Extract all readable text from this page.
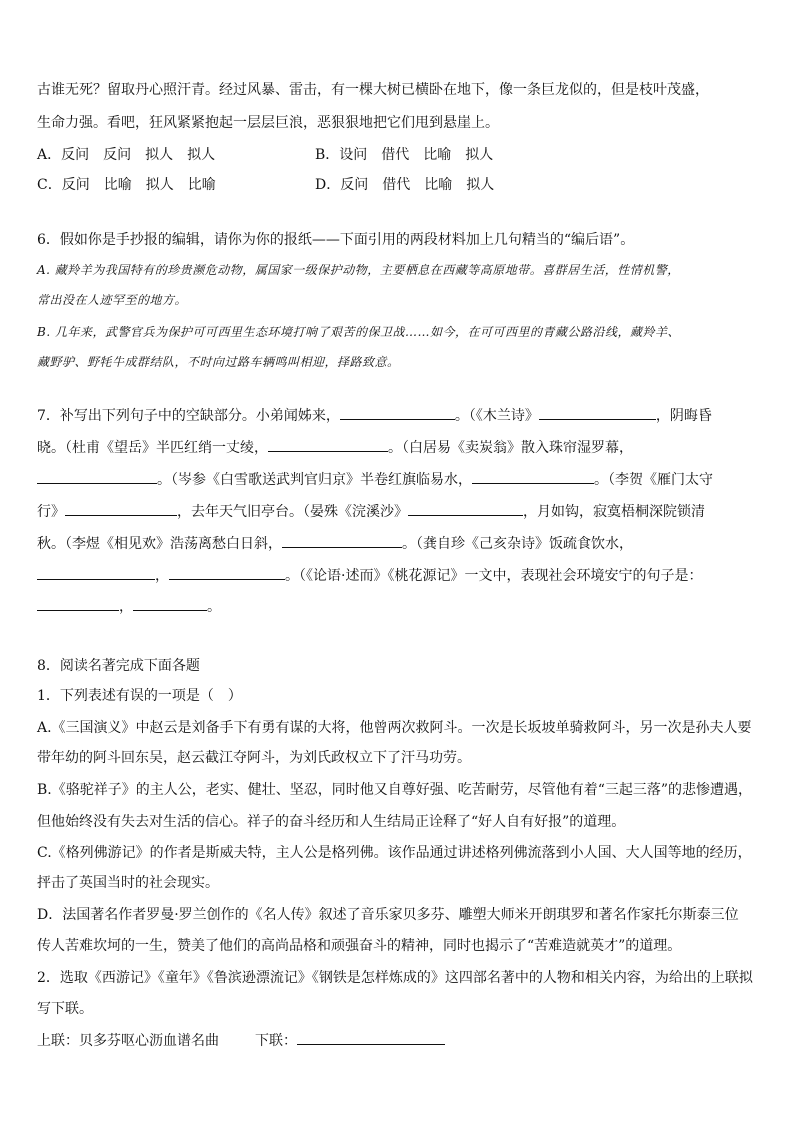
古谁无死？留取丹心照汗青。经过风暴、雷击，有一棵大树已横卧在地下，像一条巨龙似的，但是枝叶茂盛，
生命力强。看吧，狂风紧紧抱起一层层巨浪，恶狠狠地把它们甩到悬崖上。
A．反问　反问　拟人　拟人	B．设问　借代　比喻　拟人
C．反问　比喻　拟人　比喻	D．反问　借代　比喻　拟人
6．假如你是手抄报的编辑，请你为你的报纸——下面引用的两段材料加上几句精当的“编后语”。
A. 藏羚羊为我国特有的珍贵濒危动物，属国家一级保护动物，主要栖息在西藏等高原地带。喜群居生活，性情机警，
常出没在人迹罕至的地方。
B. 几年来，武警官兵为保护可可西里生态环境打响了艰苦的保卫战……如今，在可可西里的青藏公路沿线，藏羚羊、
藏野驴、野牦牛成群结队，不时向过路车辆鸣叫相迎，择路致意。
7．补写出下列句子中的空缺部分。小弟闻姊来，	。（《木兰诗》	，阴晦昏
晓。（杜甫《望岳》半匹红绡一丈绫，	。（白居易《卖炭翁》散入珠帘湿罗幕，
。（岑参《白雪歌送武判官归京》半卷红旗临易水，	。（李贺《雁门太守
行》	，去年天气旧亭台。（晏殊《浣溪沙》	，月如钩，寂寞梧桐深院锁清
秋。（李煜《相见欢》浩荡离愁白日斜，	。（龚自珍《己亥杂诗》饭疏食饮水，
，	。（《论语·述而》《桃花源记》一文中，表现社会环境安宁的句子是：
，	。
8．阅读名著完成下面各题
1．下列表述有误的一项是（　）
A.《三国演义》中赵云是刘备手下有勇有谋的大将，他曾两次救阿斗。一次是长坂坡单骑救阿斗，另一次是孙夫人要
带年幼的阿斗回东吴，赵云截江夺阿斗，为刘氏政权立下了汗马功劳。
B.《骆驼祥子》的主人公，老实、健壮、坚忍，同时他又自尊好强、吃苦耐劳，尽管他有着“三起三落”的悲惨遭遇，
但他始终没有失去对生活的信心。祥子的奋斗经历和人生结局正诠释了“好人自有好报”的道理。
C.《格列佛游记》的作者是斯威夫特，主人公是格列佛。该作品通过讲述格列佛流落到小人国、大人国等地的经历，
抨击了英国当时的社会现实。
D．法国著名作者罗曼·罗兰创作的《名人传》叙述了音乐家贝多芬、雕塑大师米开朗琪罗和著名作家托尔斯泰三位
传人苦难坎坷的一生，赞美了他们的高尚品格和顽强奋斗的精神，同时也揭示了“苦难造就英才”的道理。
2．选取《西游记》《童年》《鲁滨逊漂流记》《钢铁是怎样炼成的》这四部名著中的人物和相关内容，为给出的上联拟
写下联。
上联：贝多芬呕心沥血谱名曲	下联：
